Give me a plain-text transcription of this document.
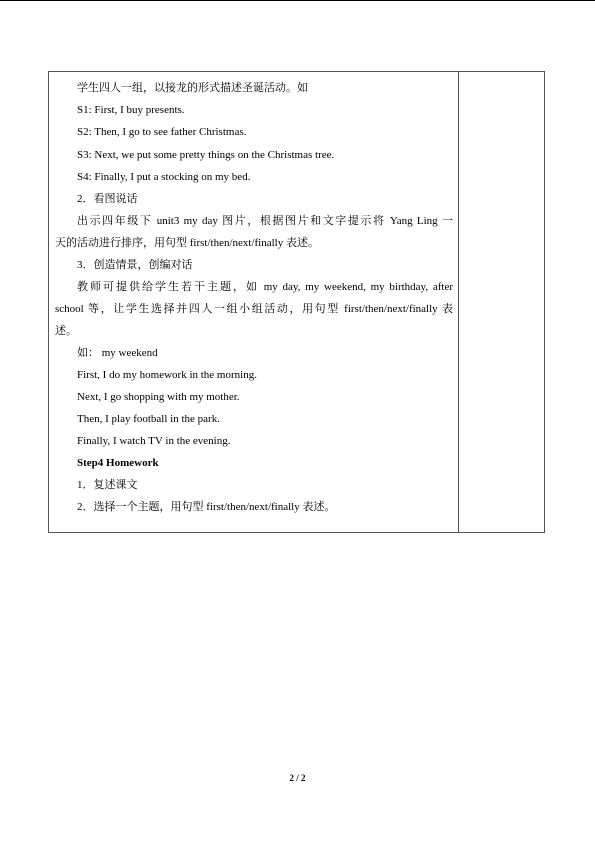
学生四人一组，以接龙的形式描述圣诞活动。如
S1: First, I buy presents.
S2: Then, I go to see father Christmas.
S3: Next, we put some pretty things on the Christmas tree.
S4: Finally, I put a stocking on my bed.
2．看图说话
出示四年级下 unit3 my day 图片，根据图片和文字提示将 Yang Ling 一
天的活动进行排序，用句型 first/then/next/finally 表述。
3．创造情景，创编对话
教师可提供给学生若干主题，如 my day, my weekend, my birthday, after
school 等，让学生选择并四人一组小组活动，用句型 first/then/next/finally 表
述。
如： my weekend
First, I do my homework in the morning.
Next, I go shopping with my mother.
Then, I play football in the park.
Finally, I watch TV in the evening.
Step4 Homework
1．复述课文
2．选择一个主题，用句型 first/then/next/finally 表述。
2 / 2
